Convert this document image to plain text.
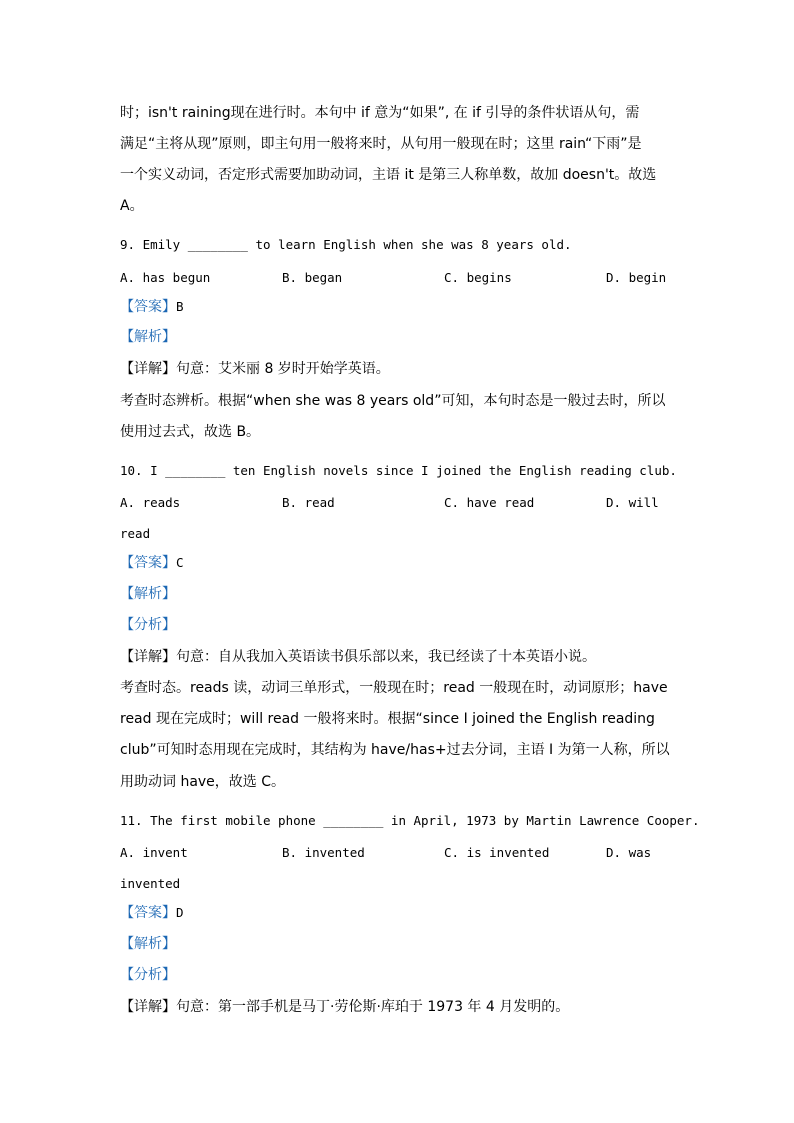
时；isn't raining现在进行时。本句中 if 意为“如果”, 在 if 引导的条件状语从句，需
满足“主将从现”原则，即主句用一般将来时，从句用一般现在时；这里 rain“下雨”是
一个实义动词，否定形式需要加助动词，主语 it 是第三人称单数，故加 doesn't。故选
A。
9. Emily ________ to learn English when she was 8 years old.
A. has begun	B. began	C. begins	D. begin
【答案】B
【解析】
【详解】句意：艾米丽 8 岁时开始学英语。
考查时态辨析。根据“when she was 8 years old”可知，本句时态是一般过去时，所以
使用过去式，故选 B。
10. I ________ ten English novels since I joined the English reading club.
A. reads	B. read	C. have read	D. will
read
【答案】C
【解析】
【分析】
【详解】句意：自从我加入英语读书俱乐部以来，我已经读了十本英语小说。
考查时态。reads 读，动词三单形式，一般现在时；read 一般现在时，动词原形；have
read 现在完成时；will read 一般将来时。根据“since I joined the English reading
club”可知时态用现在完成时，其结构为 have/has+过去分词，主语 I 为第一人称，所以
用助动词 have，故选 C。
11. The first mobile phone ________ in April, 1973 by Martin Lawrence Cooper.
A. invent	B. invented	C. is invented	D. was
invented
【答案】D
【解析】
【分析】
【详解】句意：第一部手机是马丁·劳伦斯·库珀于 1973 年 4 月发明的。
